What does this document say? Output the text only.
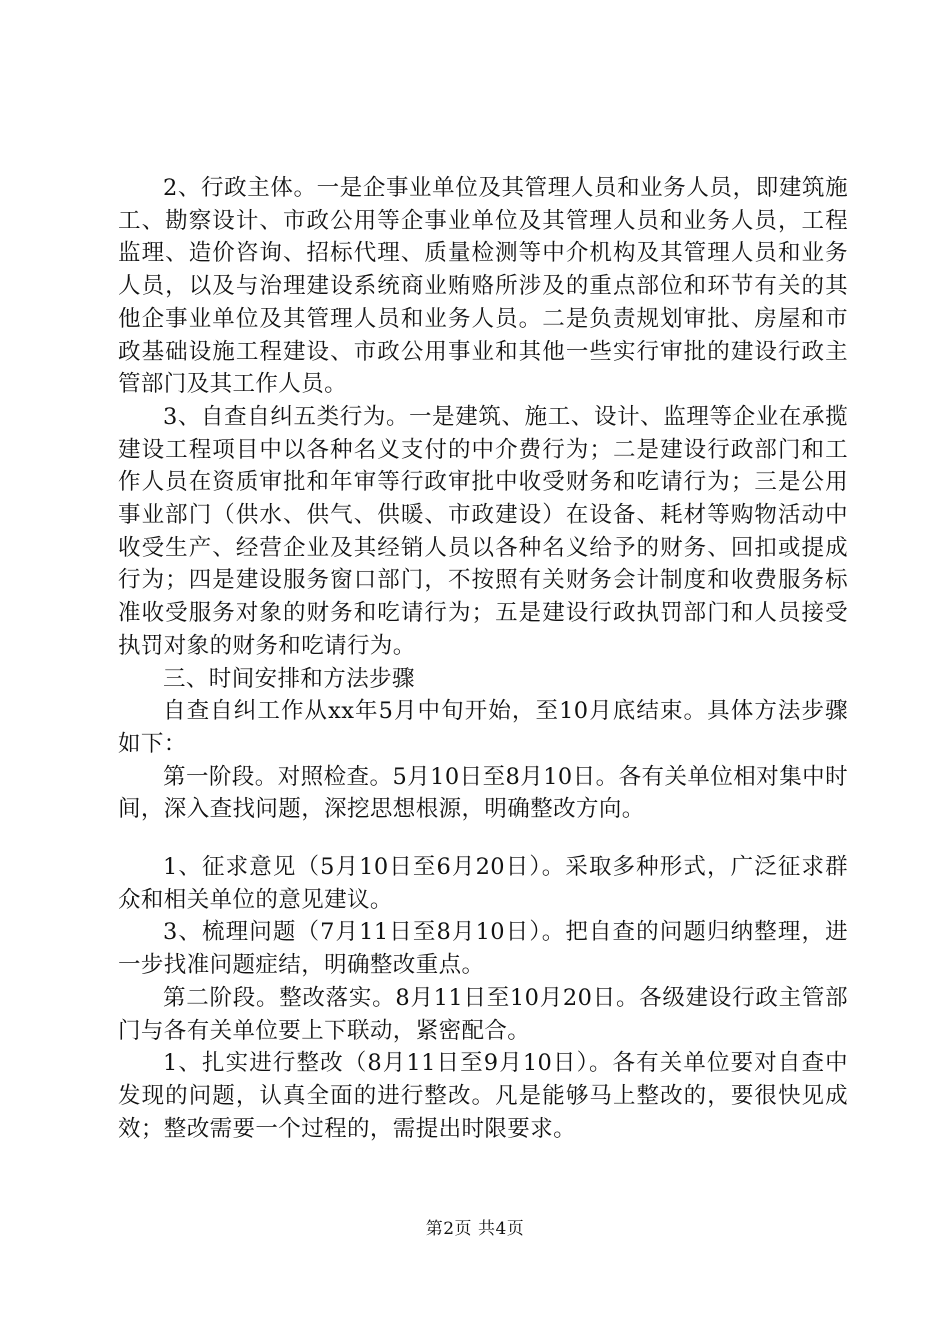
2、行政主体。一是企事业单位及其管理人员和业务人员，即建筑施工、勘察设计、市政公用等企事业单位及其管理人员和业务人员，工程监理、造价咨询、招标代理、质量检测等中介机构及其管理人员和业务人员，以及与治理建设系统商业贿赂所涉及的重点部位和环节有关的其他企事业单位及其管理人员和业务人员。二是负责规划审批、房屋和市政基础设施工程建设、市政公用事业和其他一些实行审批的建设行政主管部门及其工作人员。

3、自查自纠五类行为。一是建筑、施工、设计、监理等企业在承揽建设工程项目中以各种名义支付的中介费行为；二是建设行政部门和工作人员在资质审批和年审等行政审批中收受财务和吃请行为；三是公用事业部门（供水、供气、供暖、市政建设）在设备、耗材等购物活动中收受生产、经营企业及其经销人员以各种名义给予的财务、回扣或提成行为；四是建设服务窗口部门，不按照有关财务会计制度和收费服务标准收受服务对象的财务和吃请行为；五是建设行政执罚部门和人员接受执罚对象的财务和吃请行为。

三、时间安排和方法步骤

自查自纠工作从xx年5月中旬开始，至10月底结束。具体方法步骤如下：

第一阶段。对照检查。5月10日至8月10日。各有关单位相对集中时间，深入查找问题，深挖思想根源，明确整改方向。

1、征求意见（5月10日至6月20日）。采取多种形式，广泛征求群众和相关单位的意见建议。

3、梳理问题（7月11日至8月10日）。把自查的问题归纳整理，进一步找准问题症结，明确整改重点。

第二阶段。整改落实。8月11日至10月20日。各级建设行政主管部门与各有关单位要上下联动，紧密配合。

1、扎实进行整改（8月11日至9月10日）。各有关单位要对自查中发现的问题，认真全面的进行整改。凡是能够马上整改的，要很快见成效；整改需要一个过程的，需提出时限要求。

第2页 共4页
